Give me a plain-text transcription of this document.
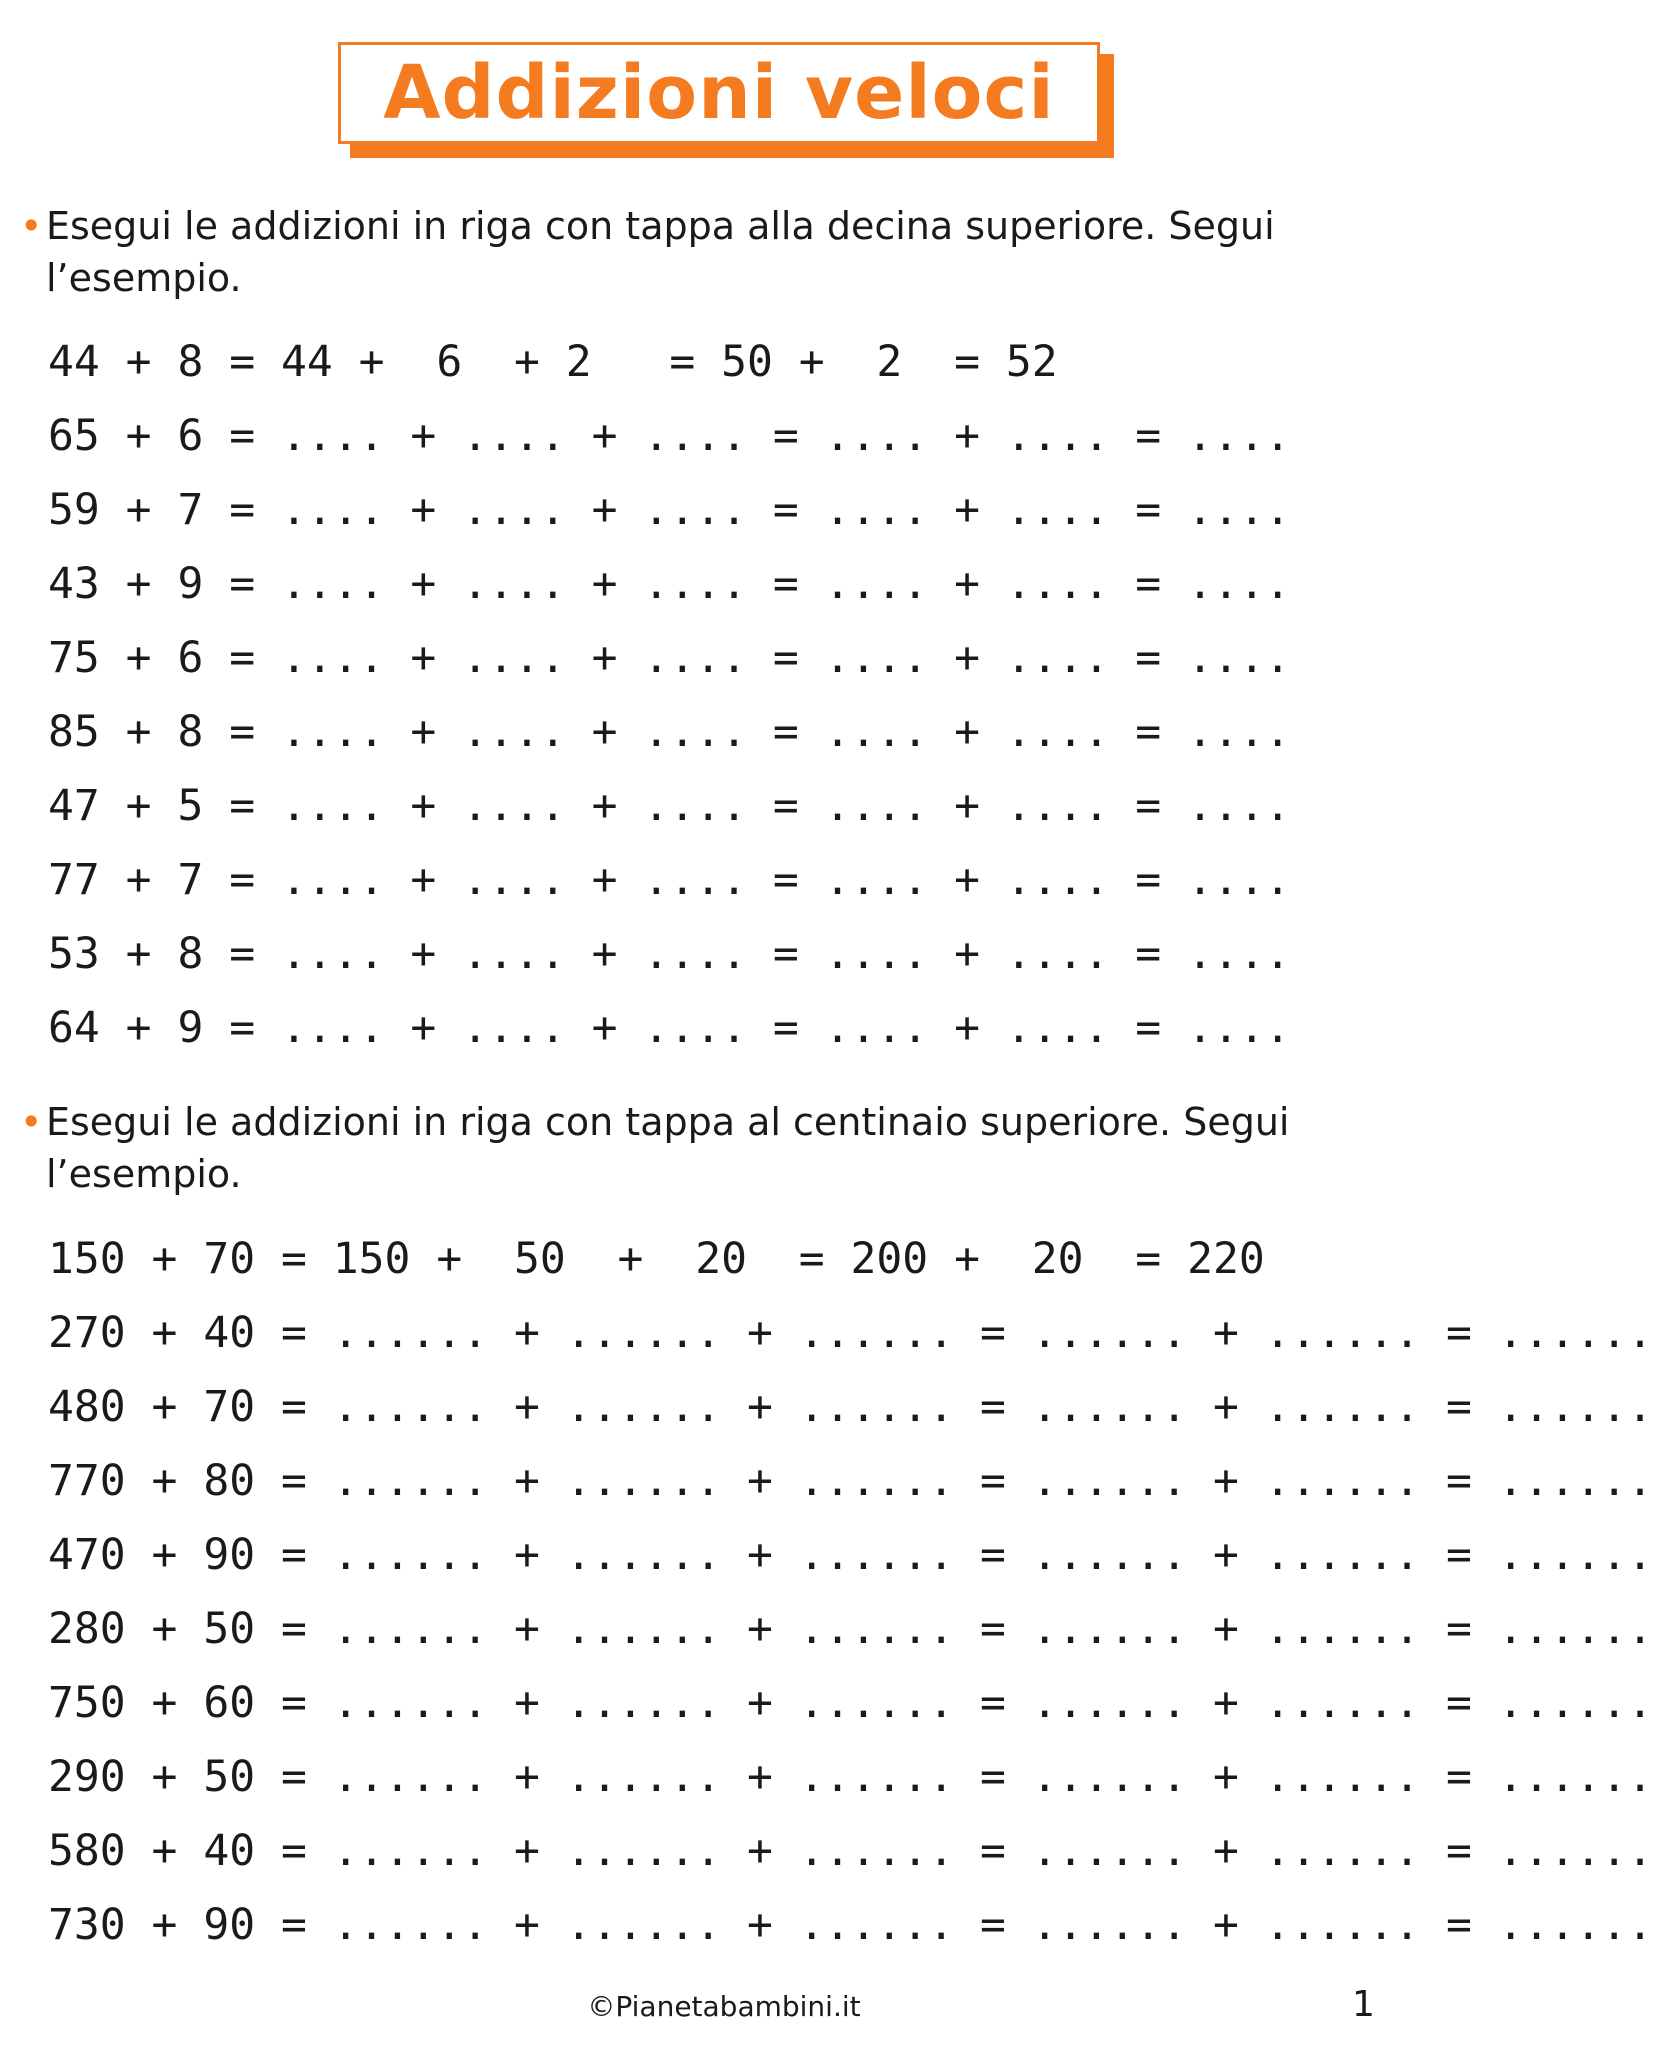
Addizioni veloci
• Esegui le addizioni in riga con tappa alla decina superiore. Segui l’esempio.
44 + 8 = 44 +  6  + 2   = 50 +  2  = 52
65 + 6 = .... + .... + .... = .... + .... = ....
59 + 7 = .... + .... + .... = .... + .... = ....
43 + 9 = .... + .... + .... = .... + .... = ....
75 + 6 = .... + .... + .... = .... + .... = ....
85 + 8 = .... + .... + .... = .... + .... = ....
47 + 5 = .... + .... + .... = .... + .... = ....
77 + 7 = .... + .... + .... = .... + .... = ....
53 + 8 = .... + .... + .... = .... + .... = ....
64 + 9 = .... + .... + .... = .... + .... = ....
• Esegui le addizioni in riga con tappa al centinaio superiore. Segui l’esempio.
150 + 70 = 150 +  50  +  20  = 200 +  20  = 220
270 + 40 = ...... + ...... + ...... = ...... + ...... = ......
480 + 70 = ...... + ...... + ...... = ...... + ...... = ......
770 + 80 = ...... + ...... + ...... = ...... + ...... = ......
470 + 90 = ...... + ...... + ...... = ...... + ...... = ......
280 + 50 = ...... + ...... + ...... = ...... + ...... = ......
750 + 60 = ...... + ...... + ...... = ...... + ...... = ......
290 + 50 = ...... + ...... + ...... = ...... + ...... = ......
580 + 40 = ...... + ...... + ...... = ...... + ...... = ......
730 + 90 = ...... + ...... + ...... = ...... + ...... = ......
©Pianetabambini.it	1
